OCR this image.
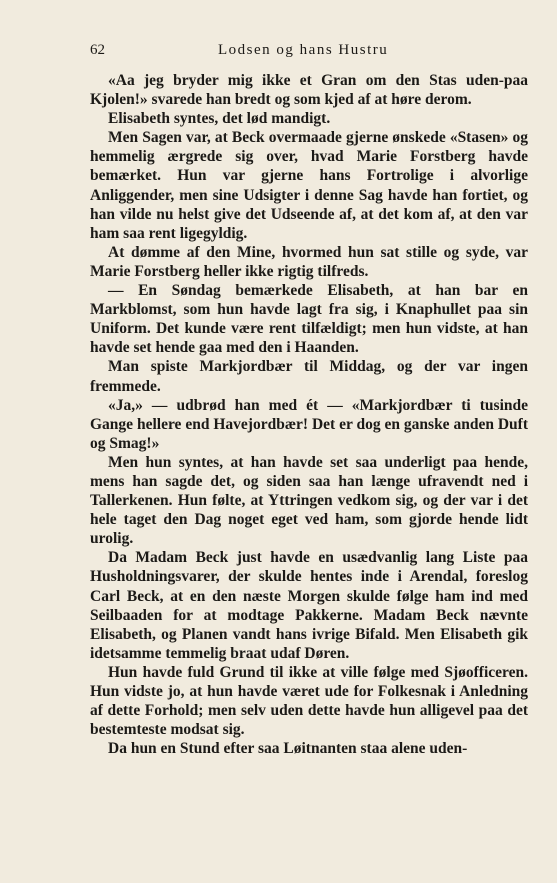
62	Lodsen og hans Hustru

«Aa jeg bryder mig ikke et Gran om den Stas uden-paa Kjolen!» svarede han bredt og som kjed af at høre derom.

Elisabeth syntes, det lød mandigt.

Men Sagen var, at Beck overmaade gjerne ønskede «Stasen» og hemmelig ærgrede sig over, hvad Marie Forstberg havde bemærket. Hun var gjerne hans Fortrolige i alvorlige Anliggender, men sine Udsigter i denne Sag havde han fortiet, og han vilde nu helst give det Udseende af, at det kom af, at den var ham saa rent ligegyldig.

At dømme af den Mine, hvormed hun sat stille og syde, var Marie Forstberg heller ikke rigtig tilfreds.

— En Søndag bemærkede Elisabeth, at han bar en Markblomst, som hun havde lagt fra sig, i Knaphullet paa sin Uniform. Det kunde være rent tilfældigt; men hun vidste, at han havde set hende gaa med den i Haanden.

Man spiste Markjordbær til Middag, og der var ingen fremmede.

«Ja,» — udbrød han med ét — «Markjordbær ti tusinde Gange hellere end Havejordbær! Det er dog en ganske anden Duft og Smag!»

Men hun syntes, at han havde set saa underligt paa hende, mens han sagde det, og siden saa han længe ufravendt ned i Tallerkenen. Hun følte, at Yttringen vedkom sig, og der var i det hele taget den Dag noget eget ved ham, som gjorde hende lidt urolig.

Da Madam Beck just havde en usædvanlig lang Liste paa Husholdningsvarer, der skulde hentes inde i Arendal, foreslog Carl Beck, at en den næste Morgen skulde følge ham ind med Seilbaaden for at modtage Pakkerne. Madam Beck nævnte Elisabeth, og Planen vandt hans ivrige Bifald. Men Elisabeth gik idetsamme temmelig braat udaf Døren.

Hun havde fuld Grund til ikke at ville følge med Sjøofficeren. Hun vidste jo, at hun havde været ude for Folkesnak i Anledning af dette Forhold; men selv uden dette havde hun alligevel paa det bestemteste modsat sig.

Da hun en Stund efter saa Løitnanten staa alene uden-
